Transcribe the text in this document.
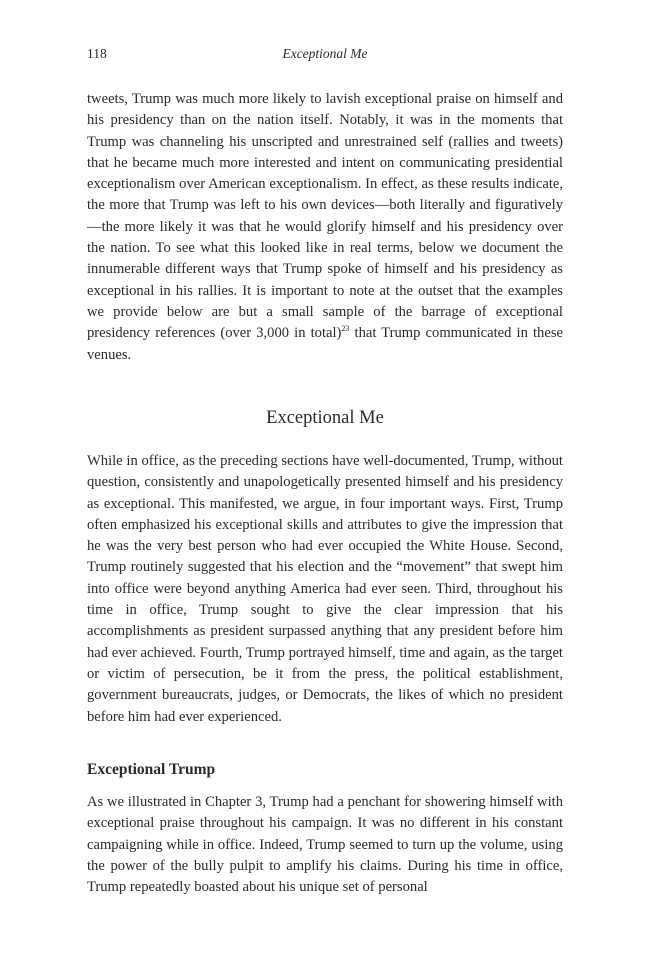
118	Exceptional Me

tweets, Trump was much more likely to lavish exceptional praise on himself and his presidency than on the nation itself. Notably, it was in the moments that Trump was channeling his unscripted and unrestrained self (rallies and tweets) that he became much more interested and intent on communicating presidential exceptionalism over American exceptionalism. In effect, as these results indicate, the more that Trump was left to his own devices—both literally and figuratively—the more likely it was that he would glorify himself and his presidency over the nation. To see what this looked like in real terms, below we document the innumerable different ways that Trump spoke of himself and his presidency as exceptional in his rallies. It is important to note at the outset that the examples we provide below are but a small sample of the barrage of exceptional presidency references (over 3,000 in total)$^{23}$ that Trump communicated in these venues.

Exceptional Me

While in office, as the preceding sections have well-documented, Trump, without question, consistently and unapologetically presented himself and his presidency as exceptional. This manifested, we argue, in four important ways. First, Trump often emphasized his exceptional skills and attributes to give the impression that he was the very best person who had ever occupied the White House. Second, Trump routinely suggested that his election and the “movement” that swept him into office were beyond anything America had ever seen. Third, throughout his time in office, Trump sought to give the clear impression that his accomplishments as president surpassed anything that any president before him had ever achieved. Fourth, Trump portrayed himself, time and again, as the target or victim of persecution, be it from the press, the political establishment, government bureaucrats, judges, or Democrats, the likes of which no president before him had ever experienced.

Exceptional Trump

As we illustrated in Chapter 3, Trump had a penchant for showering himself with exceptional praise throughout his campaign. It was no different in his constant campaigning while in office. Indeed, Trump seemed to turn up the volume, using the power of the bully pulpit to amplify his claims. During his time in office, Trump repeatedly boasted about his unique set of personal
